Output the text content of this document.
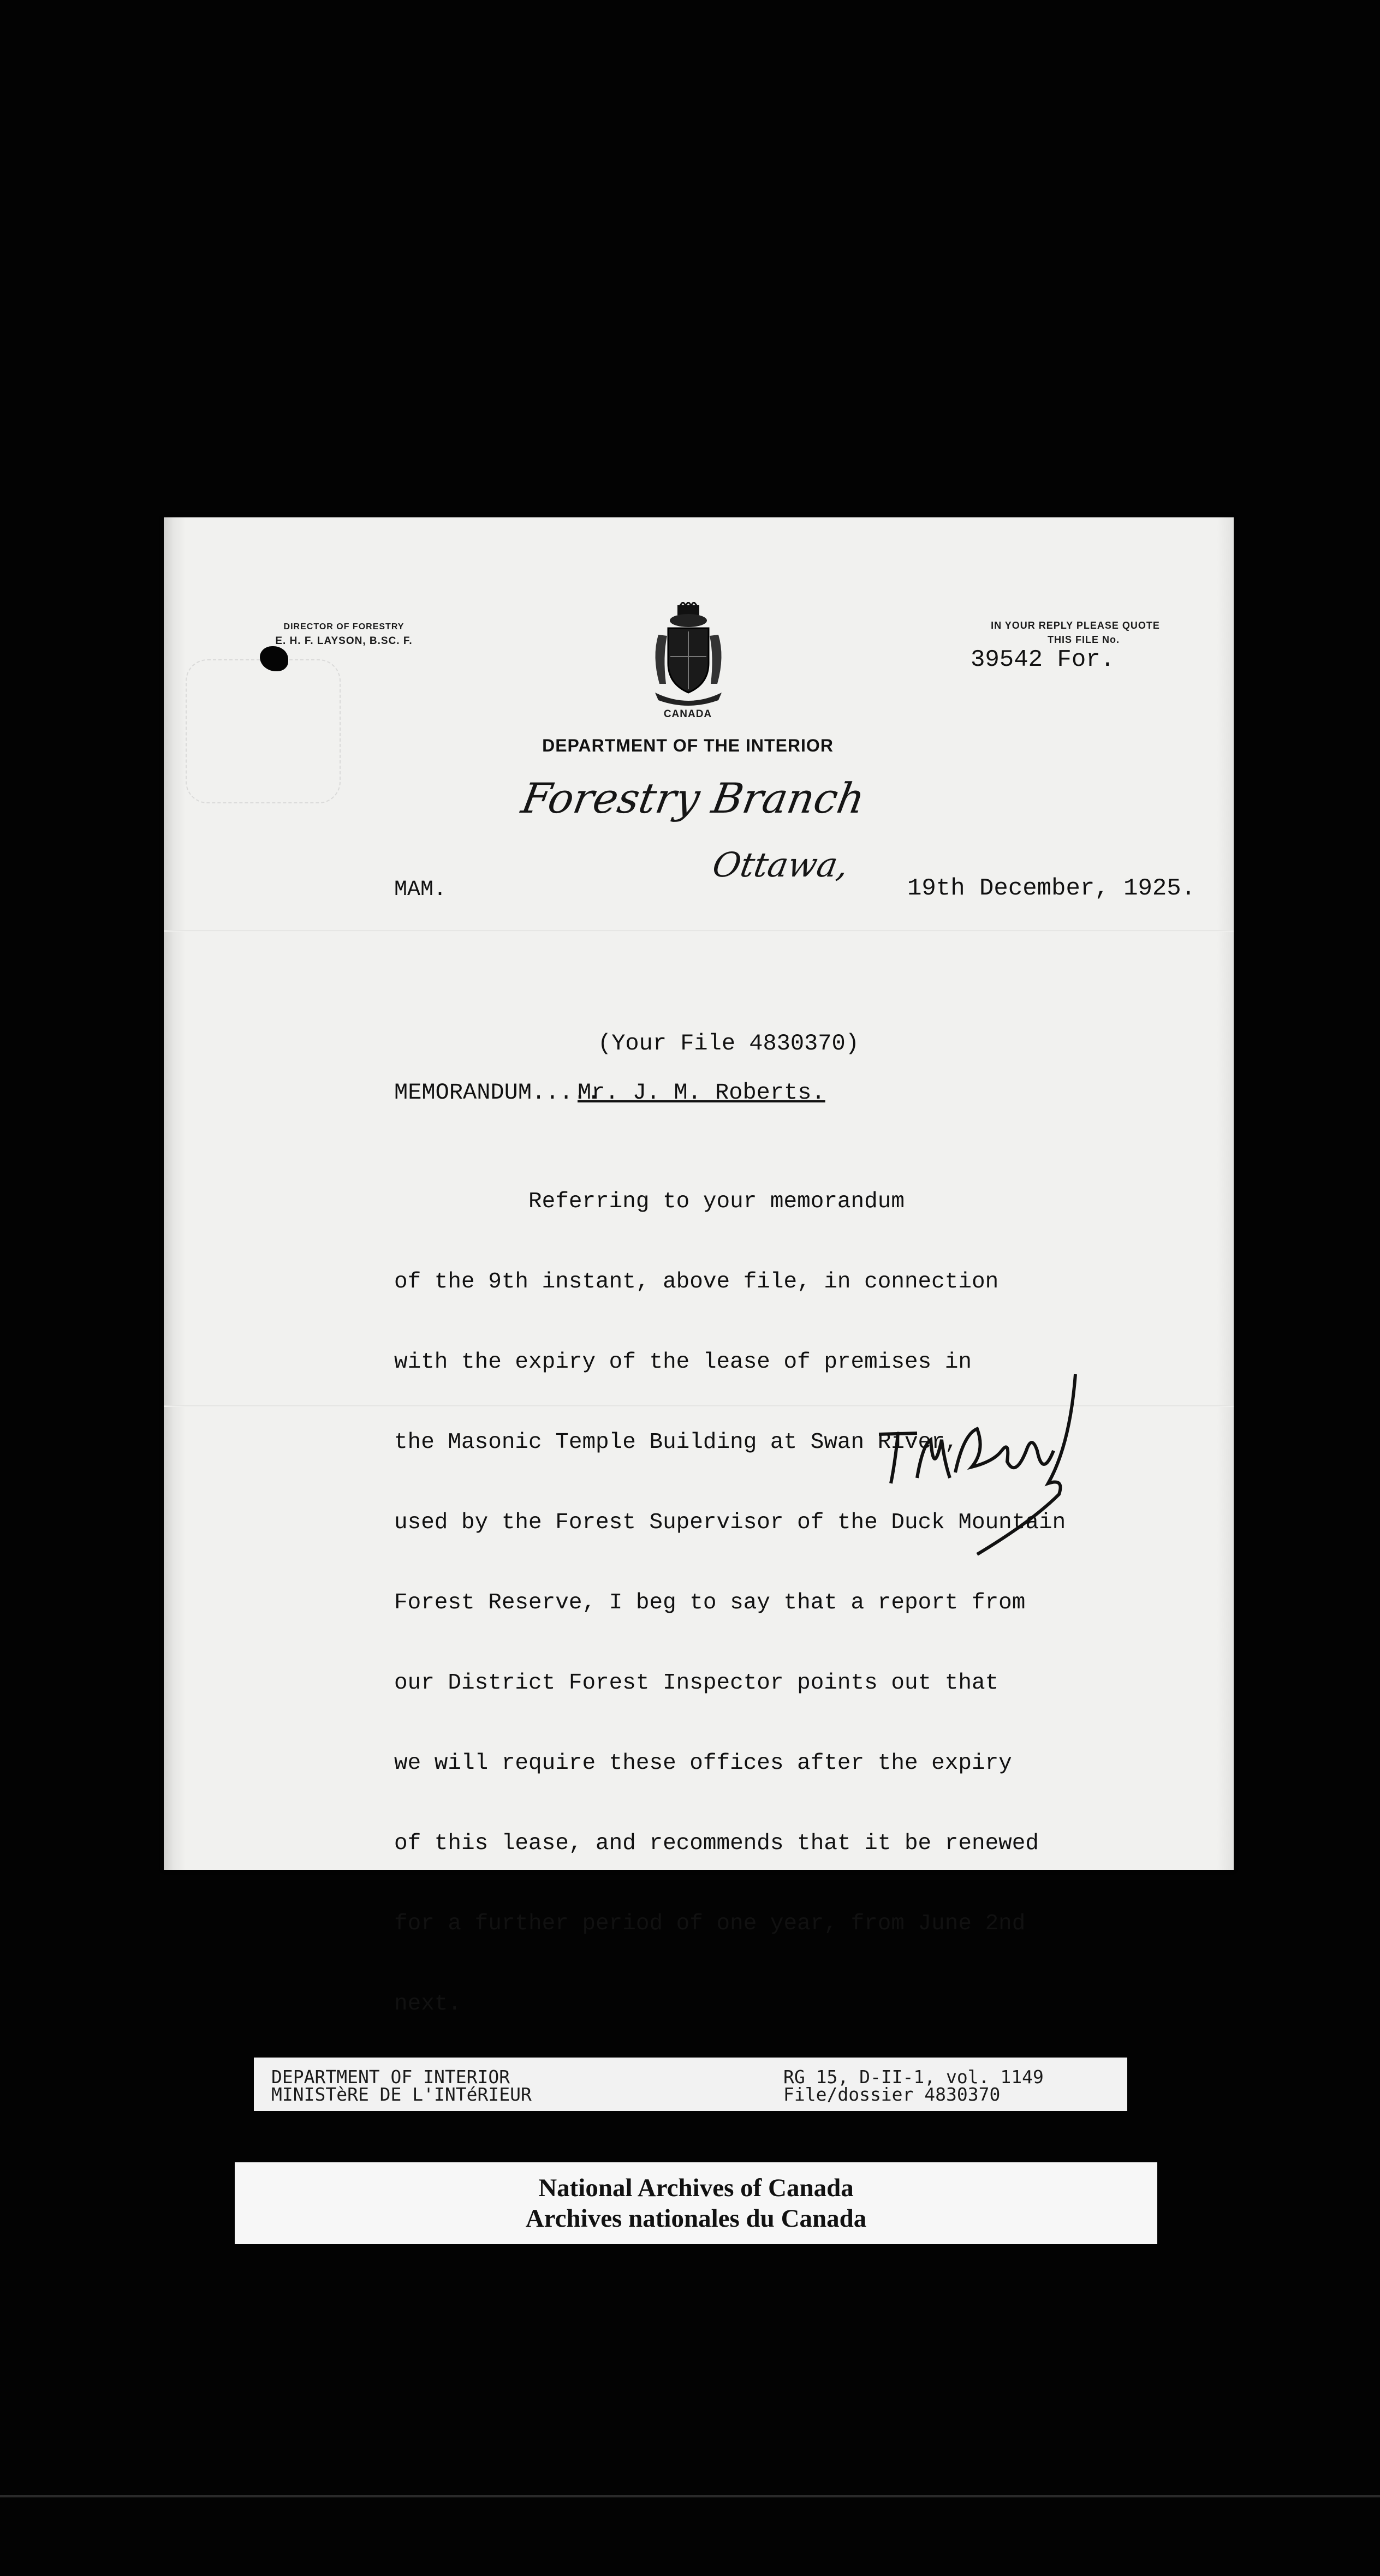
DIRECTOR OF FORESTRY
E. H. F. LAYSON, B.SC. F.
CANADA
DEPARTMENT OF THE INTERIOR
Forestry Branch
Ottawa,
IN YOUR REPLY PLEASE QUOTE
THIS FILE No.
39542 For.
MAM.	19th December, 1925.
(Your File 4830370)
MEMORANDUM.....
Mr. J. M. Roberts.

Referring to your memorandum

of the 9th instant, above file, in connection

with the expiry of the lease of premises in

the Masonic Temple Building at Swan River,

used by the Forest Supervisor of the Duck Mountain

Forest Reserve, I beg to say that a report from

our District Forest Inspector points out that

we will require these offices after the expiry

of this lease, and recommends that it be renewed

for a further period of one year, from June 2nd

next.

DEPARTMENT OF INTERIOR
MINISTèRE DE L'INTéRIEUR
RG 15, D-II-1, vol. 1149
File/dossier 4830370
National Archives of Canada
Archives nationales du Canada
